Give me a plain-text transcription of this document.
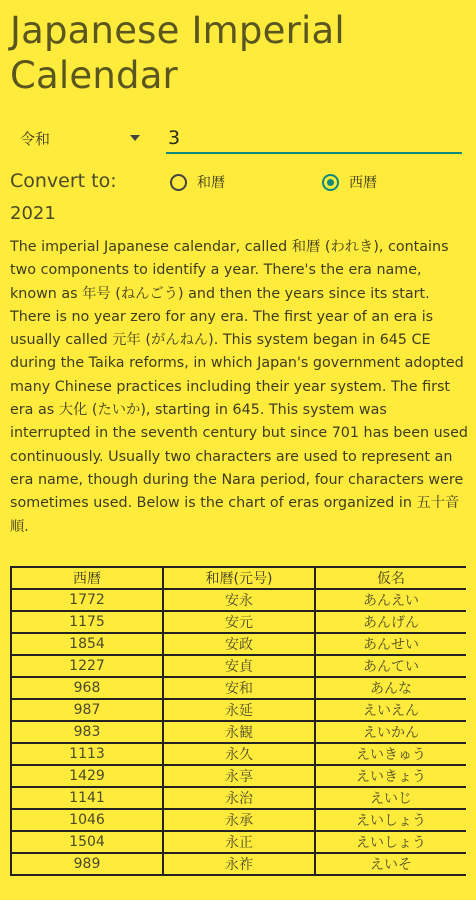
Japanese Imperial Calendar
令和
3
Convert to:	和暦	西暦
2021
The imperial Japanese calendar, called 和暦 (われき), contains two components to identify a year. There's the era name, known as 年号 (ねんごう) and then the years since its start. There is no year zero for any era. The first year of an era is usually called 元年 (がんねん). This system began in 645 CE during the Taika reforms, in which Japan's government adopted many Chinese practices including their year system. The first era as 大化 (たいか), starting in 645. This system was interrupted in the seventh century but since 701 has been used continuously. Usually two characters are used to represent an era name, though during the Nara period, four characters were sometimes used. Below is the chart of eras organized in 五十音順.
西暦	和暦(元号)	仮名
1772	安永	あんえい
1175	安元	あんげん
1854	安政	あんせい
1227	安貞	あんてい
968	安和	あんな
987	永延	えいえん
983	永観	えいかん
1113	永久	えいきゅう
1429	永享	えいきょう
1141	永治	えいじ
1046	永承	えいしょう
1504	永正	えいしょう
989	永祚	えいそ
